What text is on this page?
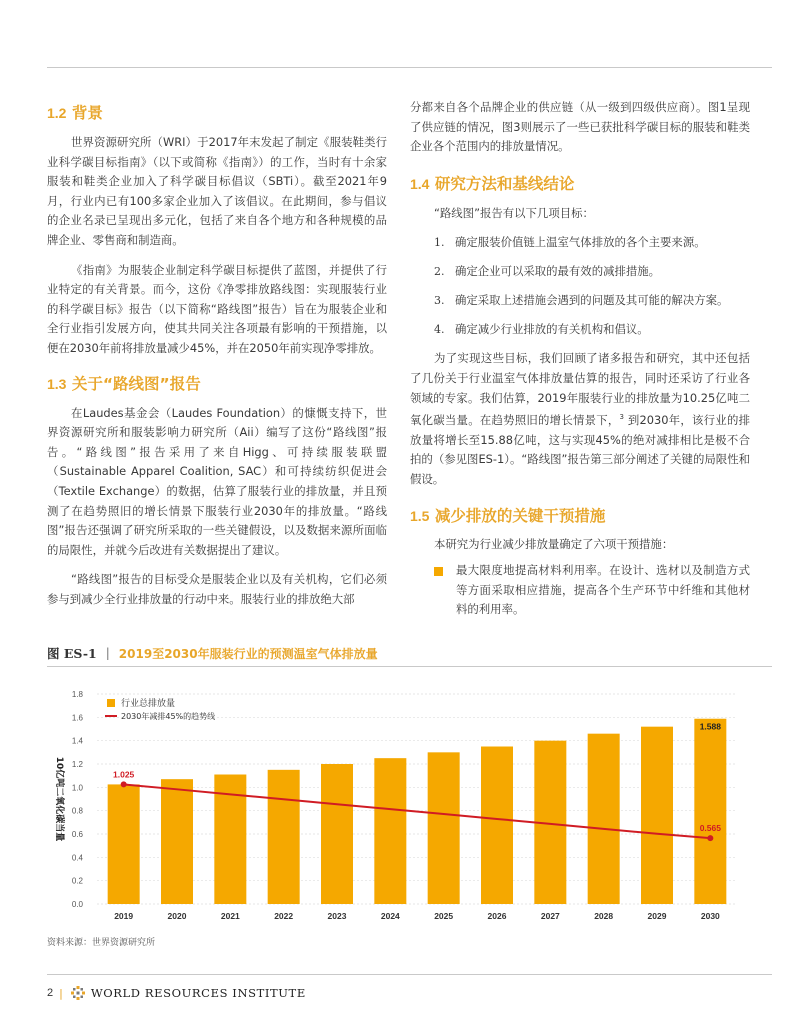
1.2 背景

世界资源研究所（WRI）于2017年末发起了制定《服装鞋类行业科学碳目标指南》（以下或简称《指南》）的工作，当时有十余家服装和鞋类企业加入了科学碳目标倡议（SBTi）。截至2021年9月，行业内已有100多家企业加入了该倡议。在此期间，参与倡议的企业名录已呈现出多元化，包括了来自各个地方和各种规模的品牌企业、零售商和制造商。

《指南》为服装企业制定科学碳目标提供了蓝图，并提供了行业特定的有关背景。而今，这份《净零排放路线图：实现服装行业的科学碳目标》报告（以下简称“路线图”报告）旨在为服装企业和全行业指引发展方向，使其共同关注各项最有影响的干预措施，以便在2030年前将排放量减少45%，并在2050年前实现净零排放。

1.3 关于“路线图”报告

在Laudes基金会（Laudes Foundation）的慷慨支持下，世界资源研究所和服装影响力研究所（Aii）编写了这份“路线图”报告。“路线图”报告采用了来自Higg、可持续服装联盟（Sustainable Apparel Coalition, SAC）和可持续纺织促进会（Textile Exchange）的数据，估算了服装行业的排放量，并且预测了在趋势照旧的增长情景下服装行业2030年的排放量。“路线图”报告还强调了研究所采取的一些关键假设，以及数据来源所面临的局限性，并就今后改进有关数据提出了建议。

“路线图”报告的目标受众是服装企业以及有关机构，它们必须参与到减少全行业排放量的行动中来。服装行业的排放绝大部

分都来自各个品牌企业的供应链（从一级到四级供应商）。图1呈现了供应链的情况，图3则展示了一些已获批科学碳目标的服装和鞋类企业各个范围内的排放量情况。

1.4 研究方法和基线结论

“路线图”报告有以下几项目标：

1. 确定服装价值链上温室气体排放的各个主要来源。
2. 确定企业可以采取的最有效的减排措施。
3. 确定采取上述措施会遇到的问题及其可能的解决方案。
4. 确定减少行业排放的有关机构和倡议。

为了实现这些目标，我们回顾了诸多报告和研究，其中还包括了几份关于行业温室气体排放量估算的报告，同时还采访了行业各领域的专家。我们估算，2019年服装行业的排放量为10.25亿吨二氧化碳当量。在趋势照旧的增长情景下，$^3$ 到2030年，该行业的排放量将增长至15.88亿吨，这与实现45%的绝对减排相比是极不合拍的（参见图ES-1）。“路线图”报告第三部分阐述了关键的局限性和假设。

1.5 减少排放的关键干预措施

本研究为行业减少排放量确定了六项干预措施：

最大限度地提高材料利用率。在设计、选材以及制造方式等方面采取相应措施，提高各个生产环节中纤维和其他材料的利用率。
图 ES-1 | 2019至2030年服装行业的预测温室气体排放量
0.0
0.2
0.4
0.6
0.8
1.0
1.2
1.4
1.6
1.8
2019	2020	2021	2022	2023	2024	2025	2026	2027	2028	2029	2030
1.588
1.025
0.565
行业总排放量
2030年减排45%的趋势线
10亿吨二氧化碳当量
资料来源：世界资源研究所
2 | WORLD RESOURCES INSTITUTE
